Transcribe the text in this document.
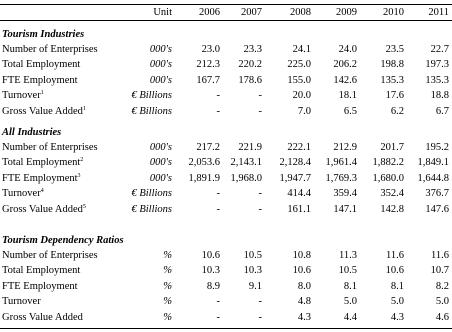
Unit	2006	2007	2008	2009	2010	2011
Tourism Industries
Number of Enterprises	000's	23.0	23.3	24.1	24.0	23.5	22.7
Total Employment	000's	212.3	220.2	225.0	206.2	198.8	197.3
FTE Employment	000's	167.7	178.6	155.0	142.6	135.3	135.3
Turnover$^1$	€ Billions	-	-	20.0	18.1	17.6	18.8
Gross Value Added$^1$	€ Billions	-	-	7.0	6.5	6.2	6.7
All Industries
Number of Enterprises	000's	217.2	221.9	222.1	212.9	201.7	195.2
Total Employment$^2$	000's	2,053.6	2,143.1	2,128.4	1,961.4	1,882.2	1,849.1
FTE Employment$^3$	000's	1,891.9	1,968.0	1,947.7	1,769.3	1,680.0	1,644.8
Turnover$^4$	€ Billions	-	-	414.4	359.4	352.4	376.7
Gross Value Added$^5$	€ Billions	-	-	161.1	147.1	142.8	147.6
Tourism Dependency Ratios
Number of Enterprises	%	10.6	10.5	10.8	11.3	11.6	11.6
Total Employment	%	10.3	10.3	10.6	10.5	10.6	10.7
FTE Employment	%	8.9	9.1	8.0	8.1	8.1	8.2
Turnover	%	-	-	4.8	5.0	5.0	5.0
Gross Value Added	%	-	-	4.3	4.4	4.3	4.6
